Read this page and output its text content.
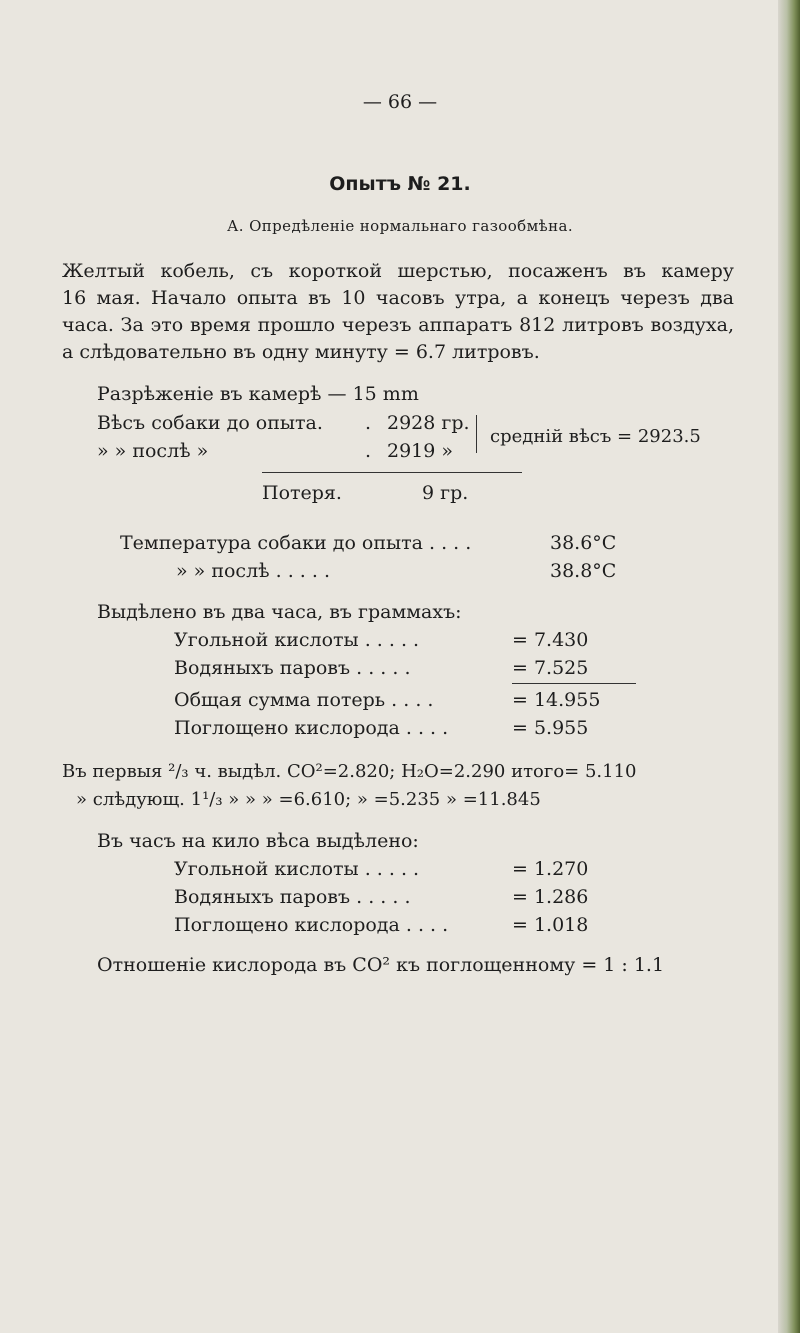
— 66 —
Опытъ № 21.
А. Опредѣленіе нормальнаго газообмѣна.
Желтый кобель, съ короткой шерстью, посаженъ въ камеру
16 мая. Начало опыта въ 10 часовъ утра, а конецъ черезъ два
часа. За это время прошло черезъ аппаратъ 812 литровъ воздуха,
а слѣдовательно въ одну минуту = 6.7 литровъ.
Разрѣженіе въ камерѣ — 15 mm
Вѣсъ собаки до опыта. . 2928 гр.
» » послѣ »	. 2919 »
средній вѣсъ = 2923.5
Потеря.	9 гр.
Температура собаки до опыта . . . .	38.6°C
» » послѣ . . . . .	38.8°C
Выдѣлено въ два часа, въ граммахъ:
Угольной кислоты . . . . .	= 7.430
Водяныхъ паровъ . . . . .	= 7.525
Общая сумма потерь . . . .	= 14.955
Поглощено кислорода . . . .	= 5.955
Въ первыя ²/₃ ч. выдѣл. CO²=2.820; H₂O=2.290 итого= 5.110
» слѣдующ. 1¹/₃ » » » =6.610; » =5.235 » =11.845
Въ часъ на кило вѣса выдѣлено:
Угольной кислоты . . . . .	= 1.270
Водяныхъ паровъ . . . . .	= 1.286
Поглощено кислорода . . . .	= 1.018
Отношеніе кислорода въ CO² къ поглощенному = 1 : 1.1
